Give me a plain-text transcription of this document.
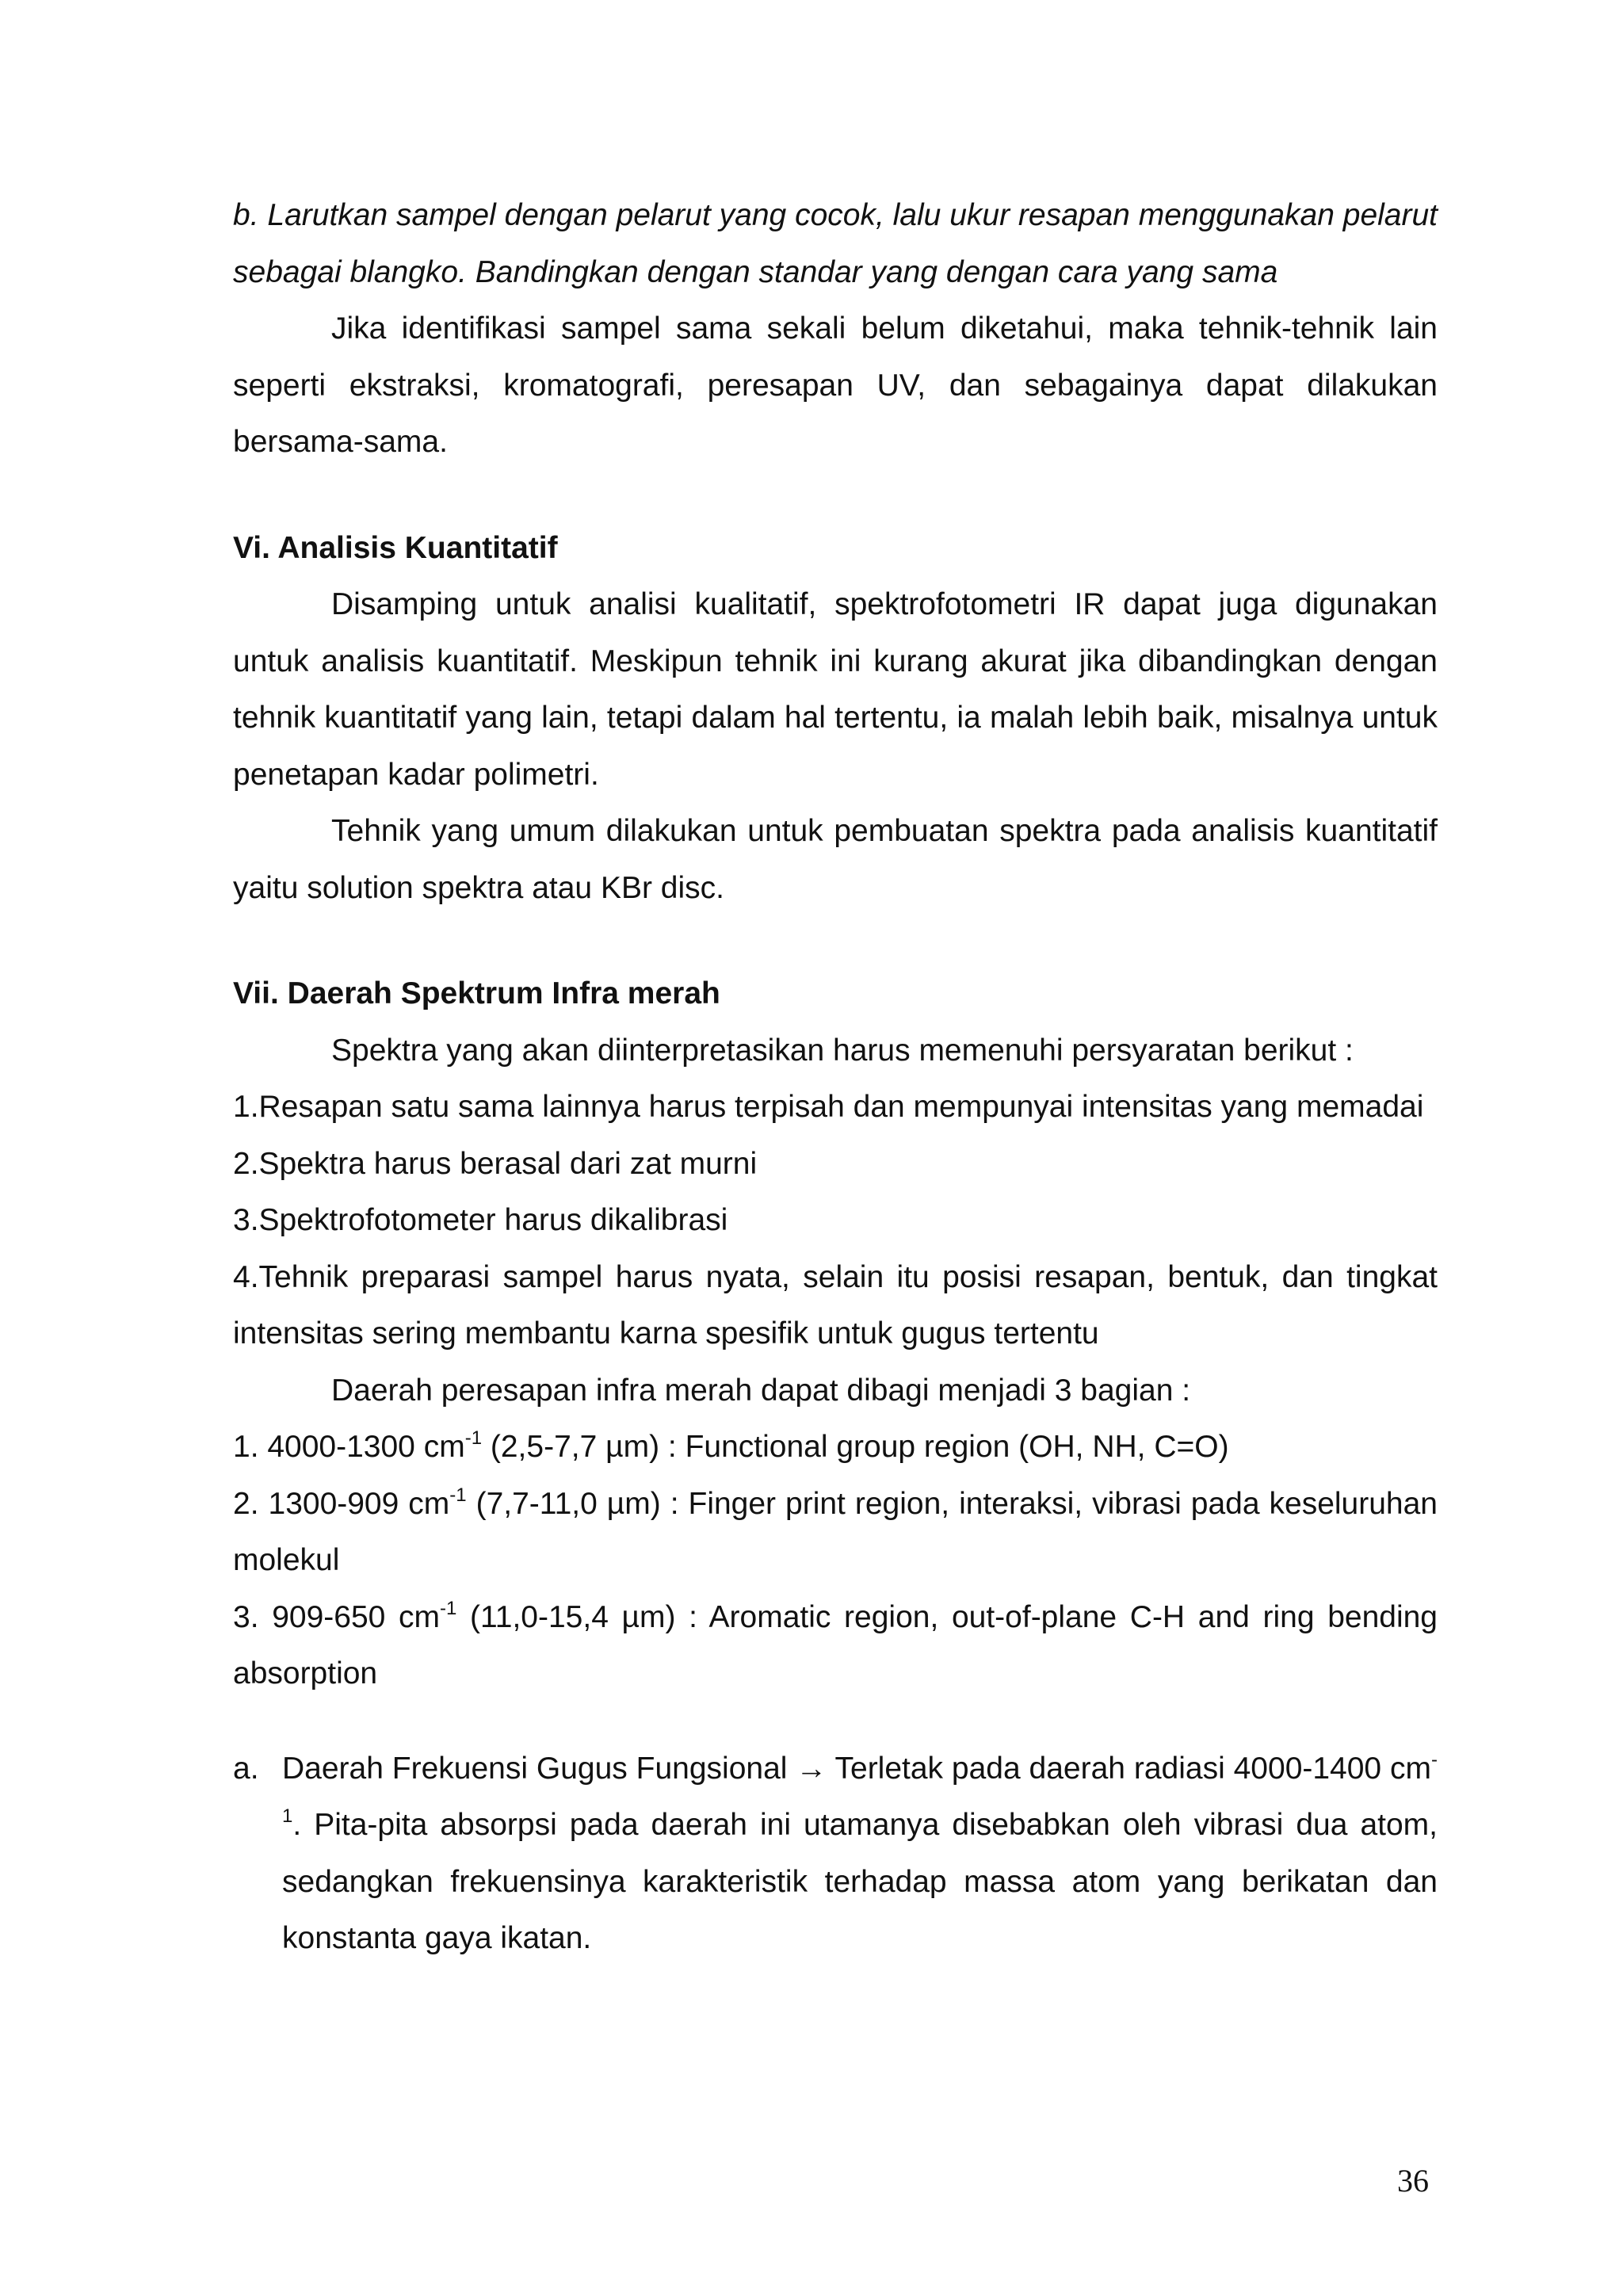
b. Larutkan sampel dengan pelarut yang cocok, lalu ukur resapan menggunakan pelarut sebagai blangko. Bandingkan dengan standar yang dengan cara yang sama

Jika identifikasi sampel sama sekali belum diketahui, maka tehnik-tehnik lain seperti ekstraksi, kromatografi, peresapan UV, dan sebagainya dapat dilakukan bersama-sama.

Vi. Analisis Kuantitatif

Disamping untuk analisi kualitatif, spektrofotometri IR dapat juga digunakan untuk analisis kuantitatif. Meskipun tehnik ini kurang akurat jika dibandingkan dengan tehnik kuantitatif yang lain, tetapi dalam hal tertentu, ia malah lebih baik, misalnya untuk penetapan kadar polimetri.

Tehnik yang umum dilakukan untuk pembuatan spektra pada analisis kuantitatif yaitu solution spektra atau KBr disc.

Vii. Daerah Spektrum Infra merah

Spektra yang akan diinterpretasikan harus memenuhi persyaratan berikut :

1.Resapan satu sama lainnya harus terpisah dan mempunyai intensitas yang memadai

2.Spektra harus berasal dari zat murni

3.Spektrofotometer harus dikalibrasi

4.Tehnik preparasi sampel harus nyata, selain itu posisi resapan, bentuk, dan tingkat intensitas sering membantu karna spesifik untuk gugus tertentu

Daerah peresapan infra merah dapat dibagi menjadi 3 bagian :

1. 4000-1300 $cm^{-1}$ (2,5-7,7 µm) : Functional group region (OH, NH, C=O)

2. 1300-909 $cm^{-1}$ (7,7-11,0 µm) : Finger print region, interaksi, vibrasi pada keseluruhan molekul

3. 909-650 $cm^{-1}$ (11,0-15,4 µm) : Aromatic region, out-of-plane C-H and ring bending absorption

a. Daerah Frekuensi Gugus Fungsional → Terletak pada daerah radiasi 4000-1400 $cm^{-1}$. Pita-pita absorpsi pada daerah ini utamanya disebabkan oleh vibrasi dua atom, sedangkan frekuensinya karakteristik terhadap massa atom yang berikatan dan konstanta gaya ikatan.

36
